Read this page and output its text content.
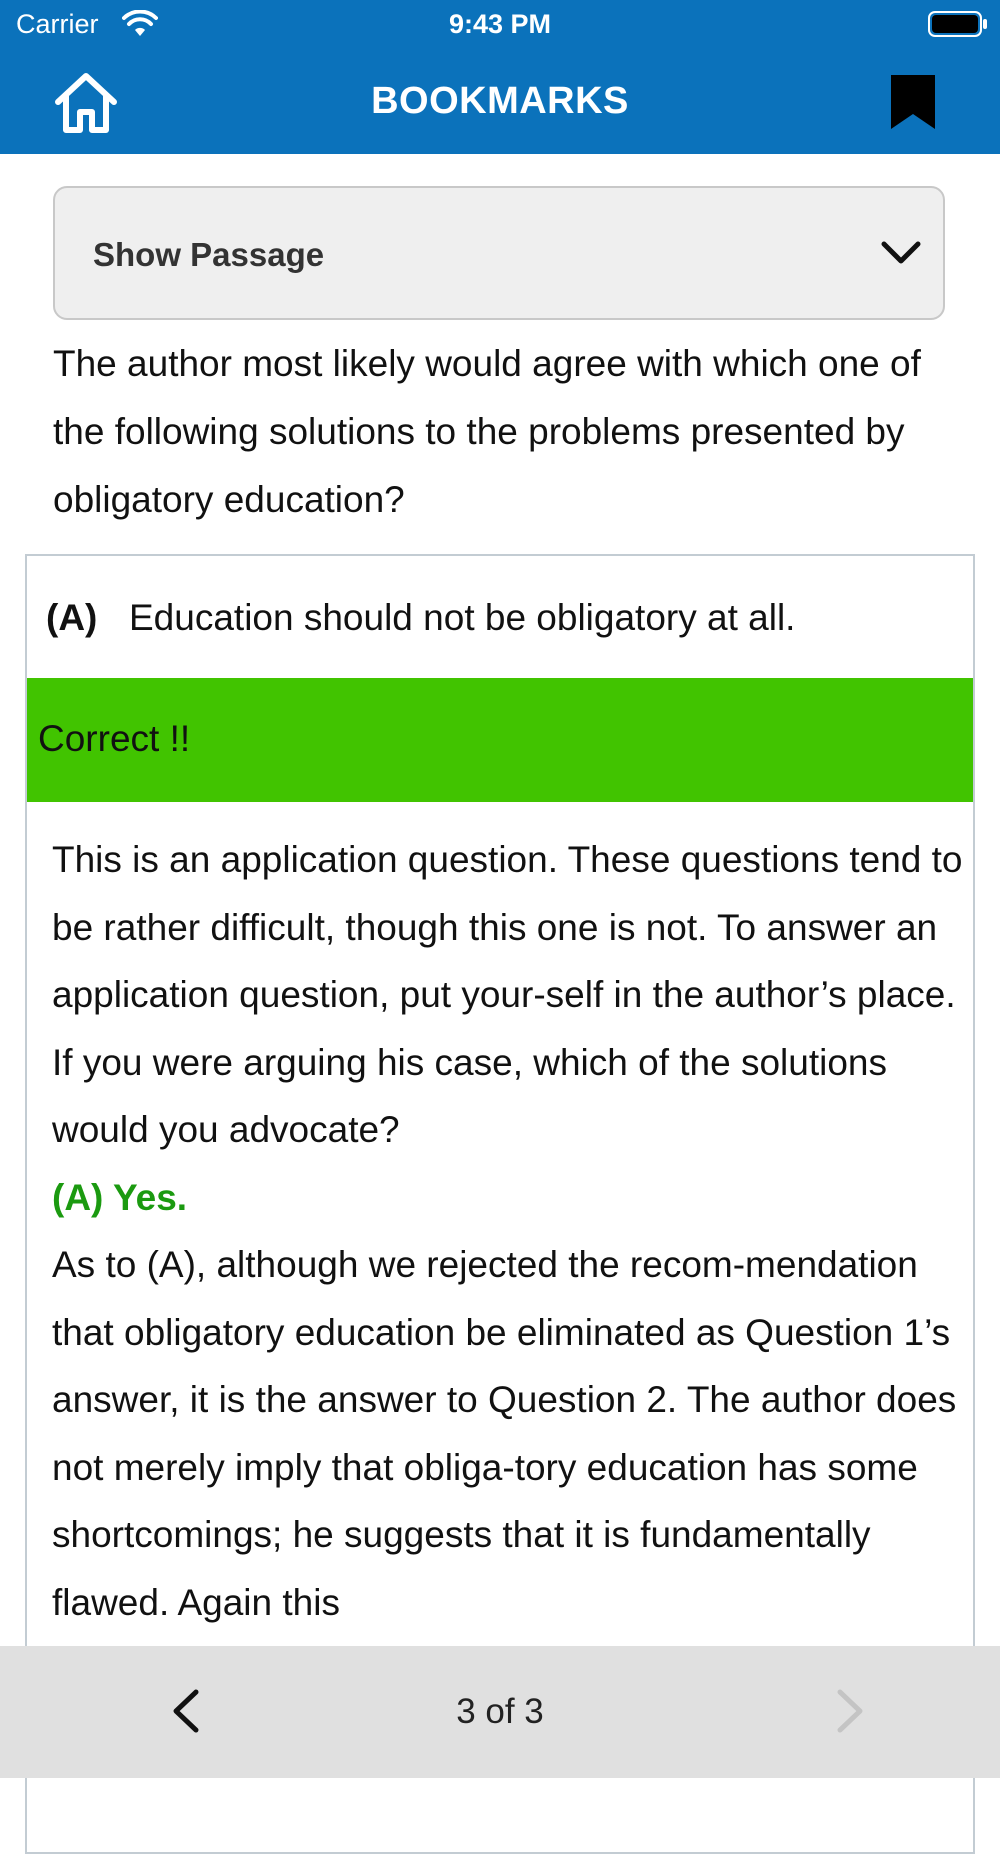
Carrier	9:43 PM
BOOKMARKS
Show Passage
The author most likely would agree with which one of the following solutions to the problems presented by obligatory education?
(A) Education should not be obligatory at all.
Correct !!
This is an application question. These questions tend to be rather difficult, though this one is not. To answer an application question, put your-self in the author’s place. If you were arguing his case, which of the solutions would you advocate?
(A) Yes.
As to (A), although we rejected the recom-mendation that obligatory education be eliminated as Question 1’s answer, it is the answer to Question 2. The author does not merely imply that obliga-tory education has some shortcomings; he suggests that it is fundamentally flawed. Again this
3 of 3
